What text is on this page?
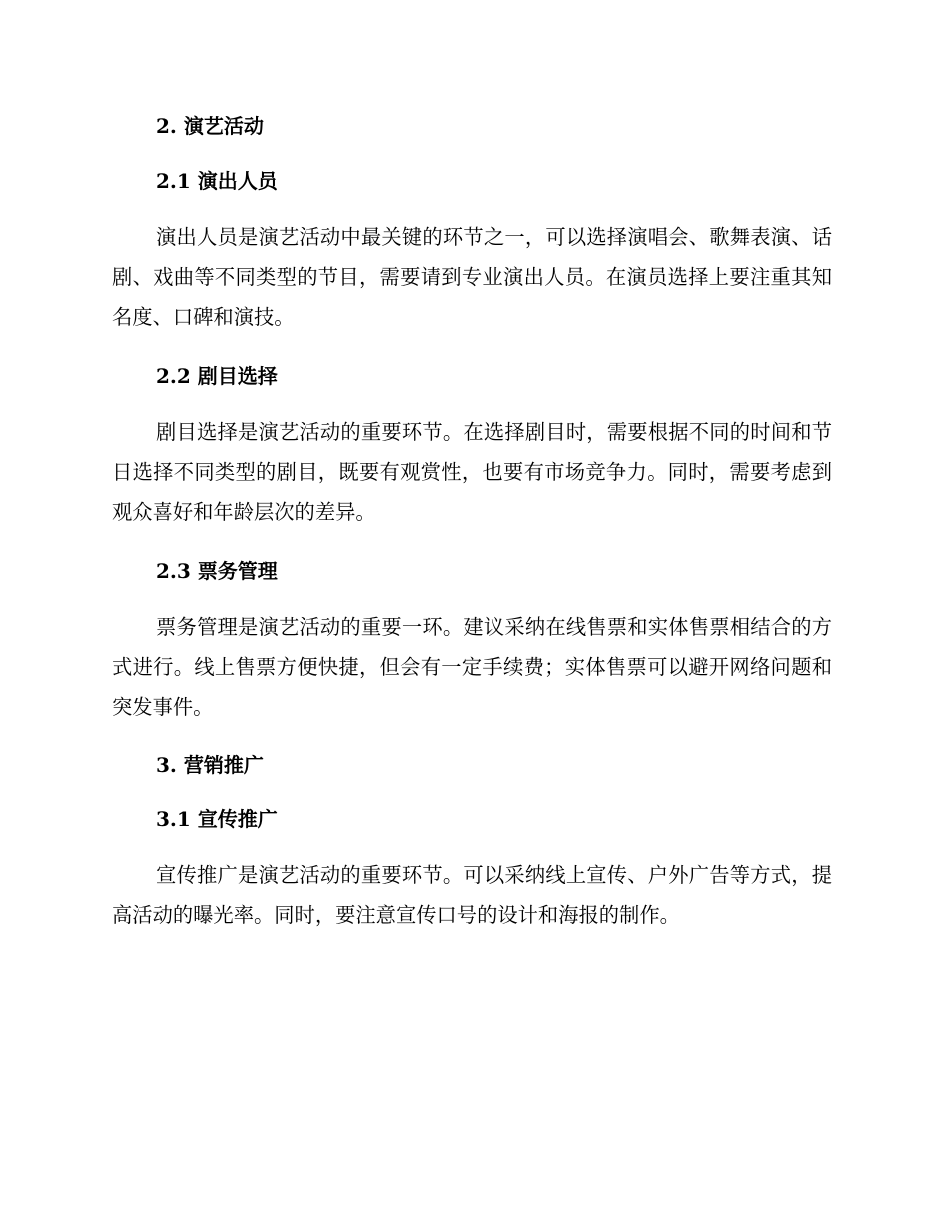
2. 演艺活动
2.1 演出人员

演出人员是演艺活动中最关键的环节之一，可以选择演唱会、歌舞表演、话剧、戏曲等不同类型的节目，需要请到专业演出人员。在演员选择上要注重其知名度、口碑和演技。

2.2 剧目选择

剧目选择是演艺活动的重要环节。在选择剧目时，需要根据不同的时间和节日选择不同类型的剧目，既要有观赏性，也要有市场竞争力。同时，需要考虑到观众喜好和年龄层次的差异。

2.3 票务管理

票务管理是演艺活动的重要一环。建议采纳在线售票和实体售票相结合的方式进行。线上售票方便快捷，但会有一定手续费；实体售票可以避开网络问题和突发事件。

3. 营销推广
3.1 宣传推广

宣传推广是演艺活动的重要环节。可以采纳线上宣传、户外广告等方式，提高活动的曝光率。同时，要注意宣传口号的设计和海报的制作。
